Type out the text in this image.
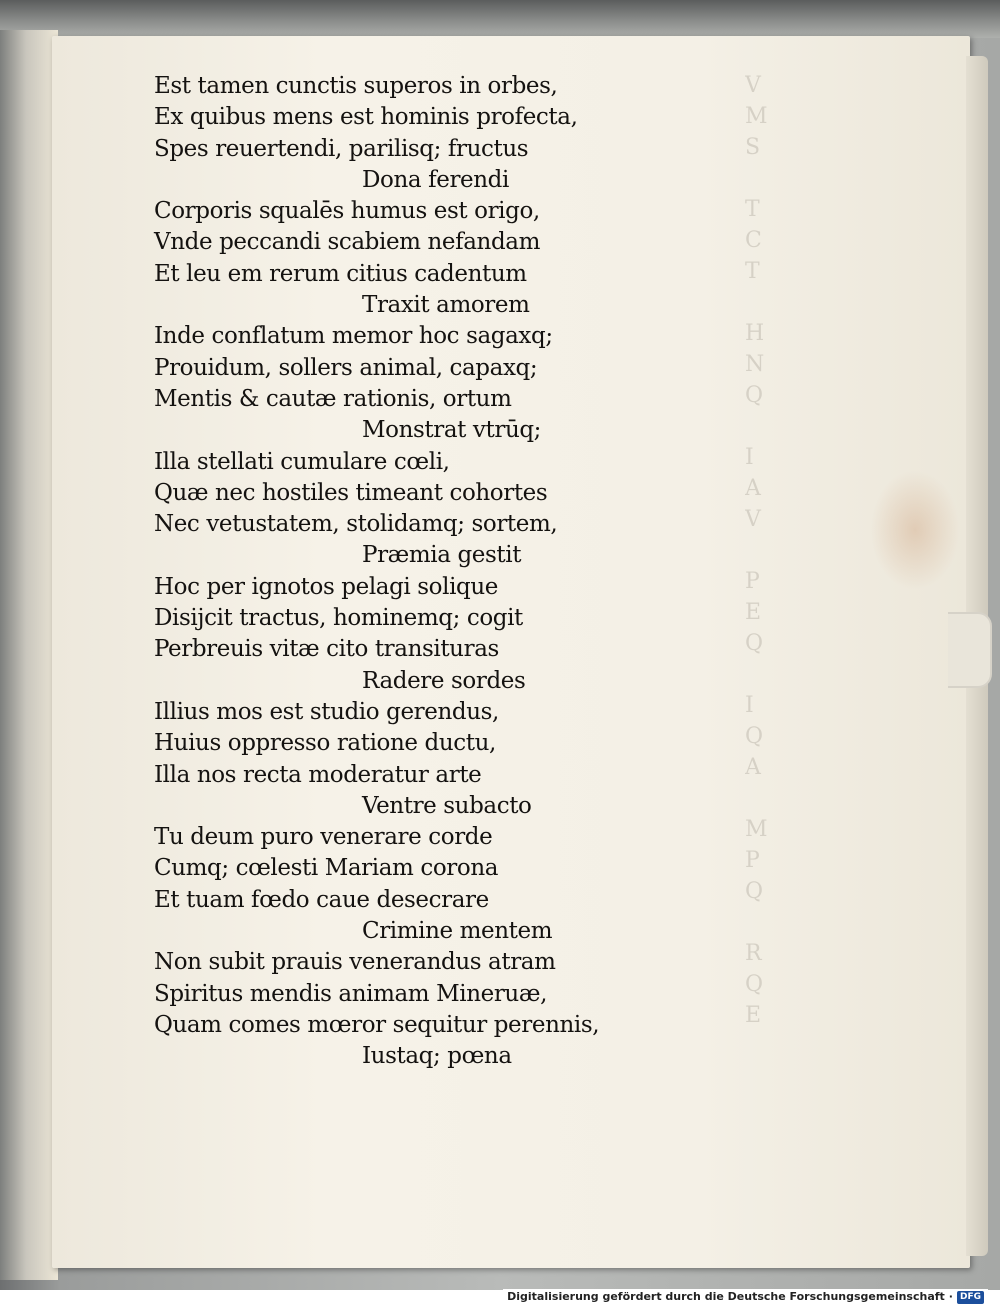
V
M
S
T
C
T
H
N
Q
I
A
V
P
E
Q
I
Q
A
M
P
Q
R
Q
E
Est tamen cunctis superos in orbes,
Ex quibus mens est hominis profecta,
Spes reuertendi, parilisq; fructus
Dona ferendi
Corporis squalēs humus est origo,
Vnde peccandi scabiem nefandam
Et leu em rerum citius cadentum
Traxit amorem
Inde conflatum memor hoc sagaxq;
Prouidum, sollers animal, capaxq;
Mentis & cautæ rationis, ortum
Monstrat vtrūq;
Illa stellati cumulare cœli,
Quæ nec hostiles timeant cohortes
Nec vetustatem, stolidamq; sortem,
Præmia gestit
Hoc per ignotos pelagi solique
Disijcit tractus, hominemq; cogit
Perbreuis vitæ cito transituras
Radere sordes
Illius mos est studio gerendus,
Huius oppresso ratione ductu,
Illa nos recta moderatur arte
Ventre subacto
Tu deum puro venerare corde
Cumq; cœlesti Mariam corona
Et tuam fœdo caue desecrare
Crimine mentem
Non subit prauis venerandus atram
Spiritus mendis animam Mineruæ,
Quam comes mœror sequitur perennis,
Iustaq; pœna
Digitalisierung gefördert durch die Deutsche Forschungsgemeinschaft · DFG
